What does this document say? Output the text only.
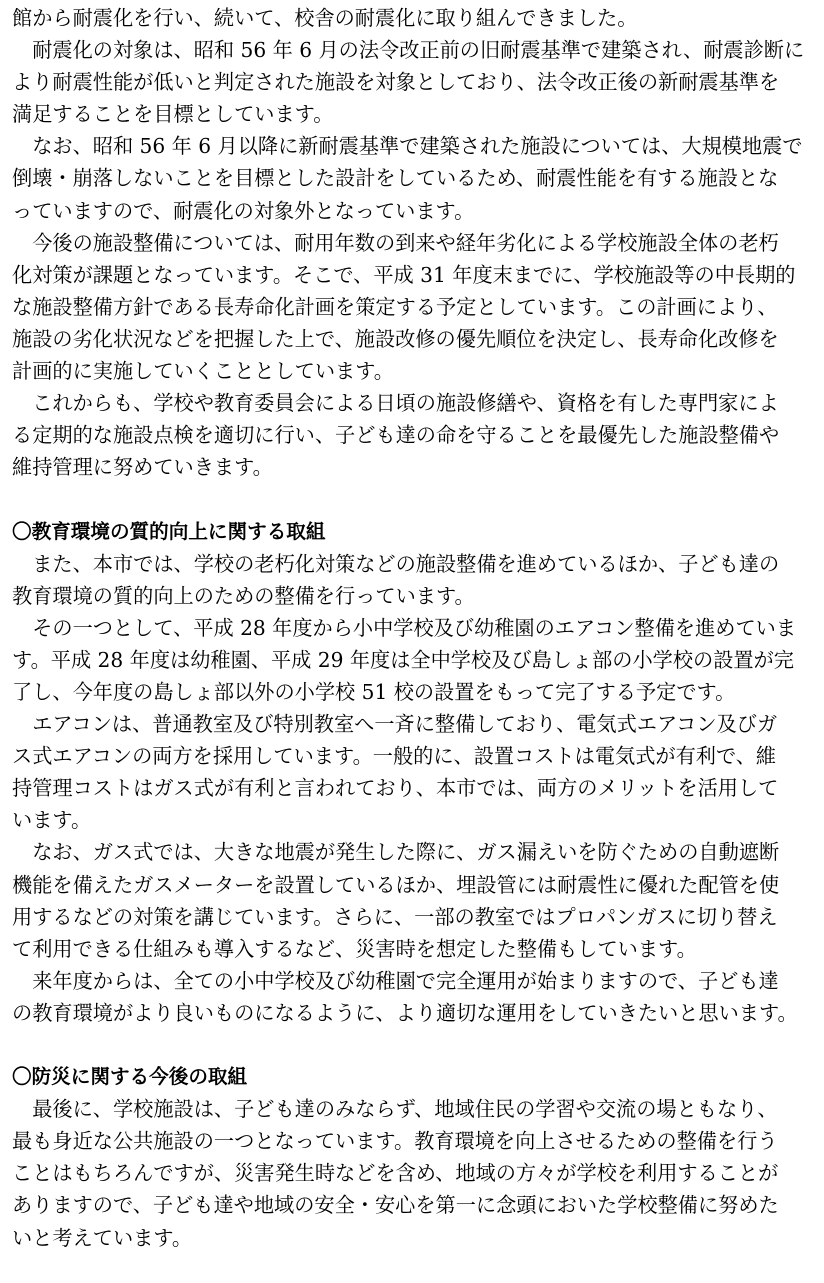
館から耐震化を行い、続いて、校舎の耐震化に取り組んできました。
　耐震化の対象は、昭和 56 年 6 月の法令改正前の旧耐震基準で建築され、耐震診断に
より耐震性能が低いと判定された施設を対象としており、法令改正後の新耐震基準を
満足することを目標としています。
　なお、昭和 56 年 6 月以降に新耐震基準で建築された施設については、大規模地震で
倒壊・崩落しないことを目標とした設計をしているため、耐震性能を有する施設とな
っていますので、耐震化の対象外となっています。
　今後の施設整備については、耐用年数の到来や経年劣化による学校施設全体の老朽
化対策が課題となっています。そこで、平成 31 年度末までに、学校施設等の中長期的
な施設整備方針である長寿命化計画を策定する予定としています。この計画により、
施設の劣化状況などを把握した上で、施設改修の優先順位を決定し、長寿命化改修を
計画的に実施していくこととしています。
　これからも、学校や教育委員会による日頃の施設修繕や、資格を有した専門家によ
る定期的な施設点検を適切に行い、子ども達の命を守ることを最優先した施設整備や
維持管理に努めていきます。
〇教育環境の質的向上に関する取組
　また、本市では、学校の老朽化対策などの施設整備を進めているほか、子ども達の
教育環境の質的向上のための整備を行っています。
　その一つとして、平成 28 年度から小中学校及び幼稚園のエアコン整備を進めていま
す。平成 28 年度は幼稚園、平成 29 年度は全中学校及び島しょ部の小学校の設置が完
了し、今年度の島しょ部以外の小学校 51 校の設置をもって完了する予定です。
　エアコンは、普通教室及び特別教室へ一斉に整備しており、電気式エアコン及びガ
ス式エアコンの両方を採用しています。一般的に、設置コストは電気式が有利で、維
持管理コストはガス式が有利と言われており、本市では、両方のメリットを活用して
います。
　なお、ガス式では、大きな地震が発生した際に、ガス漏えいを防ぐための自動遮断
機能を備えたガスメーターを設置しているほか、埋設管には耐震性に優れた配管を使
用するなどの対策を講じています。さらに、一部の教室ではプロパンガスに切り替え
て利用できる仕組みも導入するなど、災害時を想定した整備もしています。
　来年度からは、全ての小中学校及び幼稚園で完全運用が始まりますので、子ども達
の教育環境がより良いものになるように、より適切な運用をしていきたいと思います。
〇防災に関する今後の取組
　最後に、学校施設は、子ども達のみならず、地域住民の学習や交流の場ともなり、
最も身近な公共施設の一つとなっています。教育環境を向上させるための整備を行う
ことはもちろんですが、災害発生時などを含め、地域の方々が学校を利用することが
ありますので、子ども達や地域の安全・安心を第一に念頭においた学校整備に努めた
いと考えています。
